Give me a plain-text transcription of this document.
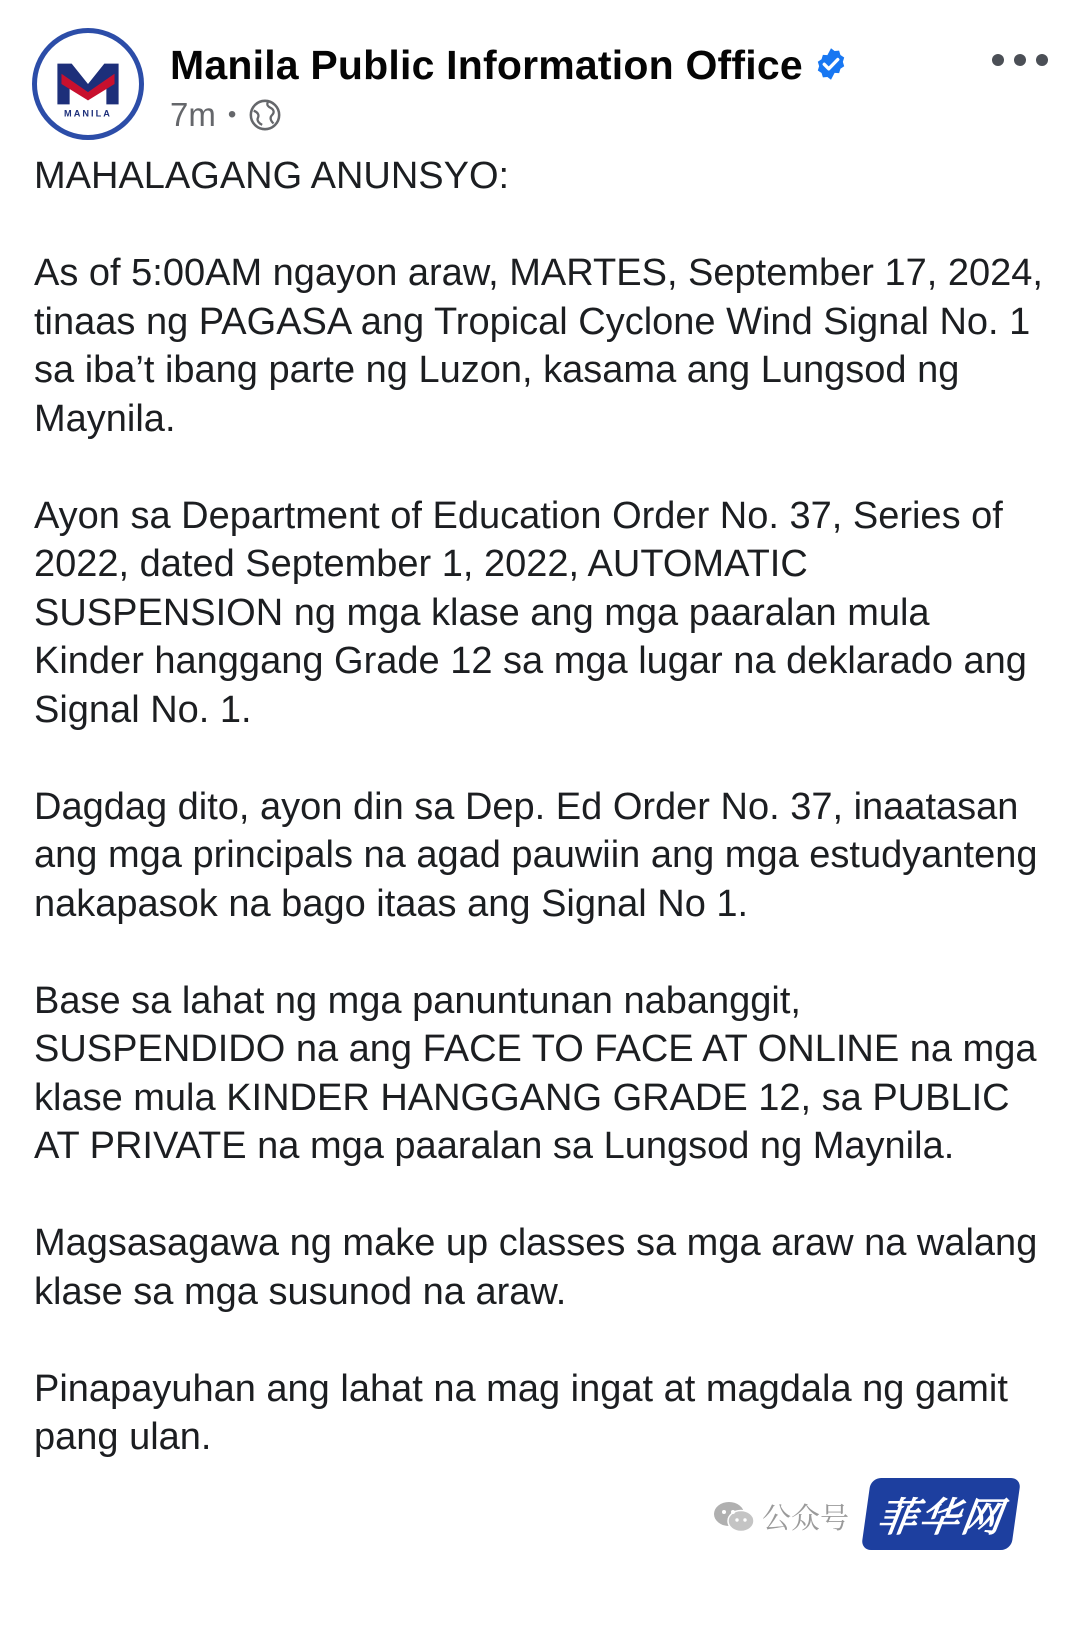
MANILA
Manila Public Information Office
7m •

MAHALAGANG ANUNSYO:

As of 5:00AM ngayon araw, MARTES, September 17, 2024, tinaas ng PAGASA ang Tropical Cyclone Wind Signal No. 1 sa iba’t ibang parte ng Luzon, kasama ang Lungsod ng Maynila.

Ayon sa Department of Education Order No. 37, Series of 2022, dated September 1, 2022, AUTOMATIC SUSPENSION ng mga klase ang mga paaralan mula Kinder hanggang Grade 12 sa mga lugar na deklarado ang Signal No. 1.

Dagdag dito, ayon din sa Dep. Ed Order No. 37, inaatasan ang mga principals na agad pauwiin ang mga estudyanteng nakapasok na bago itaas ang Signal No 1.

Base sa lahat ng mga panuntunan nabanggit, SUSPENDIDO na ang FACE TO FACE AT ONLINE na mga klase mula KINDER HANGGANG GRADE 12, sa PUBLIC AT PRIVATE na mga paaralan sa Lungsod ng Maynila.

Magsasagawa ng make up classes sa mga araw na walang klase sa mga susunod na araw.

Pinapayuhan ang lahat na mag ingat at magdala ng gamit pang ulan.

公众号 菲华网
